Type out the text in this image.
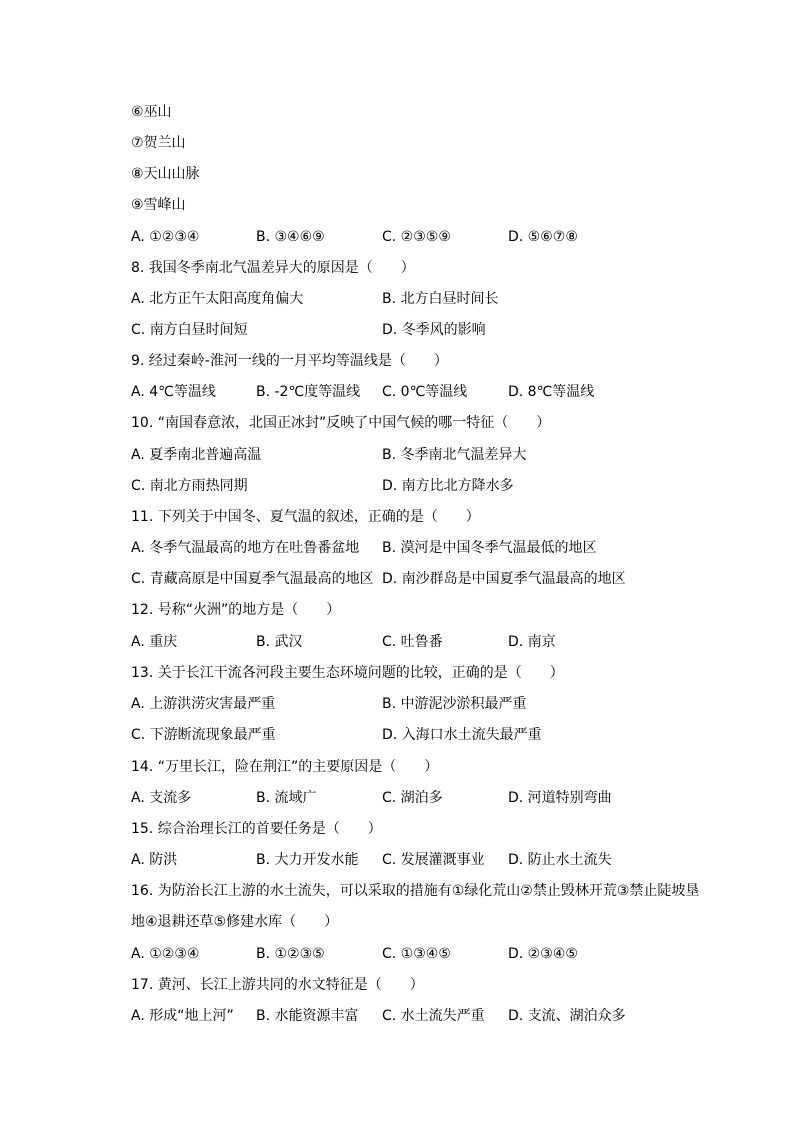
⑥巫山
⑦贺兰山
⑧天山山脉
⑨雪峰山
A. ①②③④	B. ③④⑥⑨	C. ②③⑤⑨	D. ⑤⑥⑦⑧
8. 我国冬季南北气温差异大的原因是（　　）
A. 北方正午太阳高度角偏大	B. 北方白昼时间长
C. 南方白昼时间短	D. 冬季风的影响
9. 经过秦岭-淮河一线的一月平均等温线是（　　）
A. 4℃等温线	B. -2℃度等温线 C. 0℃等温线	D. 8℃等温线
10. “南国春意浓，北国正冰封”反映了中国气候的哪一特征（　　）
A. 夏季南北普遍高温	B. 冬季南北气温差异大
C. 南北方雨热同期	D. 南方比北方降水多
11. 下列关于中国冬、夏气温的叙述，正确的是（　　）
A. 冬季气温最高的地方在吐鲁番盆地 B. 漠河是中国冬季气温最低的地区
C. 青藏高原是中国夏季气温最高的地区 D. 南沙群岛是中国夏季气温最高的地区
12. 号称“火洲”的地方是（　　）
A. 重庆	B. 武汉	C. 吐鲁番	D. 南京
13. 关于长江干流各河段主要生态环境问题的比较，正确的是（　　）
A. 上游洪涝灾害最严重	B. 中游泥沙淤积最严重
C. 下游断流现象最严重	D. 入海口水土流失最严重
14. “万里长江，险在荆江”的主要原因是（　　）
A. 支流多	B. 流域广	C. 湖泊多	D. 河道特别弯曲
15. 综合治理长江的首要任务是（　　）
A. 防洪	B. 大力开发水能 C. 发展灌溉事业 D. 防止水土流失
16. 为防治长江上游的水土流失，可以采取的措施有①绿化荒山②禁止毁林开荒③禁止陡坡垦
地④退耕还草⑤修建水库（　　）
A. ①②③④	B. ①②③⑤	C. ①③④⑤	D. ②③④⑤
17. 黄河、长江上游共同的水文特征是（　　）
A. 形成“地上河” B. 水能资源丰富 C. 水土流失严重 D. 支流、湖泊众多
